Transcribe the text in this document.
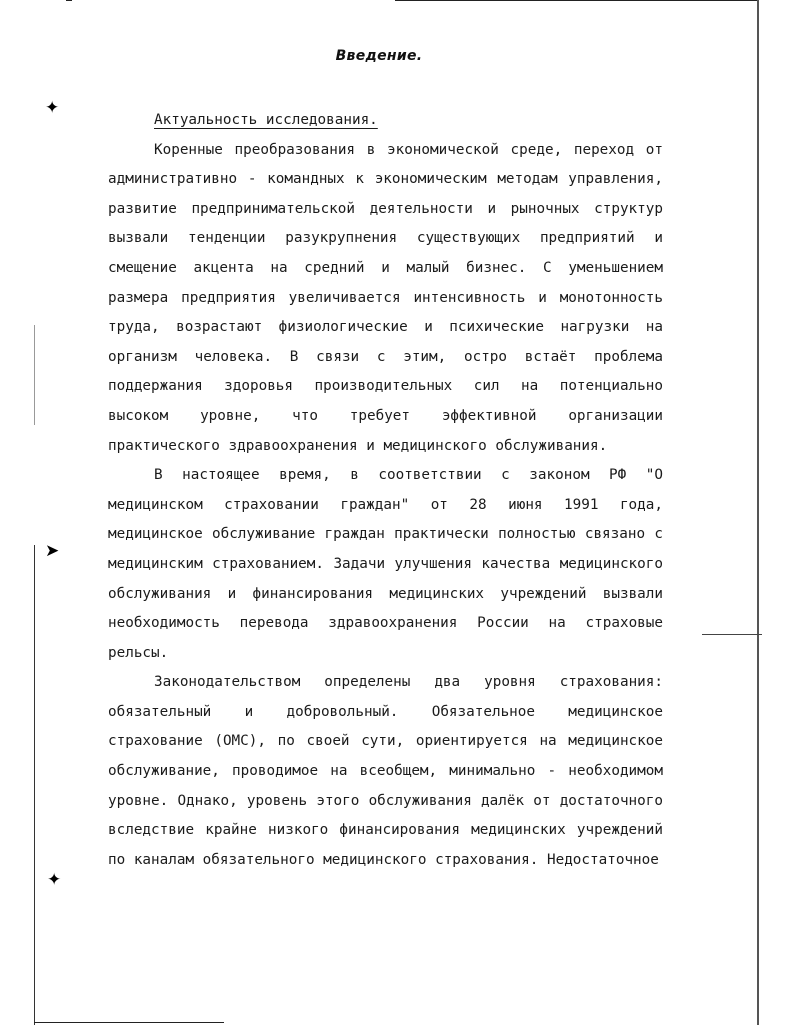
✦
➤
✦
Введение.

Актуальность исследования.

Коренные преобразования в экономической среде, переход от административно - командных к экономическим методам управления, развитие предпринимательской деятельности и рыночных структур вызвали тенденции разукрупнения существующих предприятий и смещение акцента на средний и малый бизнес. С уменьшением размера предприятия увеличивается интенсивность и монотонность труда, возрастают физиологические и психические нагрузки на организм человека. В связи с этим, остро встаёт проблема поддержания здоровья производительных сил на потенциально высоком уровне, что требует эффективной организации практического здравоохранения и медицинского обслуживания.

В настоящее время, в соответствии с законом РФ "О медицинском страховании граждан" от 28 июня 1991 года, медицинское обслуживание граждан практически полностью связано с медицинским страхованием. Задачи улучшения качества медицинского обслуживания и финансирования медицинских учреждений вызвали необходимость перевода здравоохранения России на страховые рельсы.

Законодательством определены два уровня страхования: обязательный и добровольный. Обязательное медицинское страхование (ОМС), по своей сути, ориентируется на медицинское обслуживание, проводимое на всеобщем, минимально - необходимом уровне. Однако, уровень этого обслуживания далёк от достаточного вследствие крайне низкого финансирования медицинских учреждений по каналам обязательного медицинского страхования. Недостаточное
